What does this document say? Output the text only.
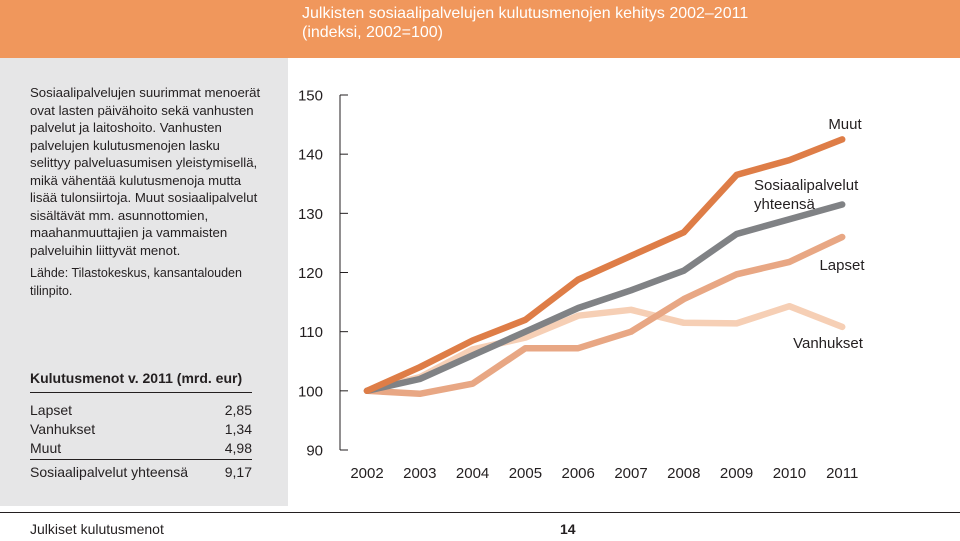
Julkisten sosiaalipalvelujen kulutusmenojen kehitys 2002–2011
(indeksi, 2002=100)
Sosiaalipalvelujen suurimmat menoerät ovat lasten päivähoito sekä vanhusten palvelut ja laitoshoito. Vanhusten palvelujen kulutusmenojen lasku selittyy palveluasumisen yleistymisellä, mikä vähentää kulutusmenoja mutta lisää tulonsiirtoja. Muut sosiaalipalvelut sisältävät mm. asunnottomien, maahanmuuttajien ja vammaisten palveluihin liittyvät menot.
Lähde: Tilastokeskus, kansantalouden tilinpito.
Kulutusmenot v. 2011 (mrd. eur)
Lapset	2,85
Vanhukset	1,34
Muut	4,98
Sosiaalipalvelut yhteensä	9,17
150
140
130
120
110
100
90
2002 2003 2004 2005 2006 2007 2008 2009 2010 2011
Muut
Sosiaalipalvelut
yhteensä
Lapset
Vanhukset
Julkiset kulutusmenot	14
